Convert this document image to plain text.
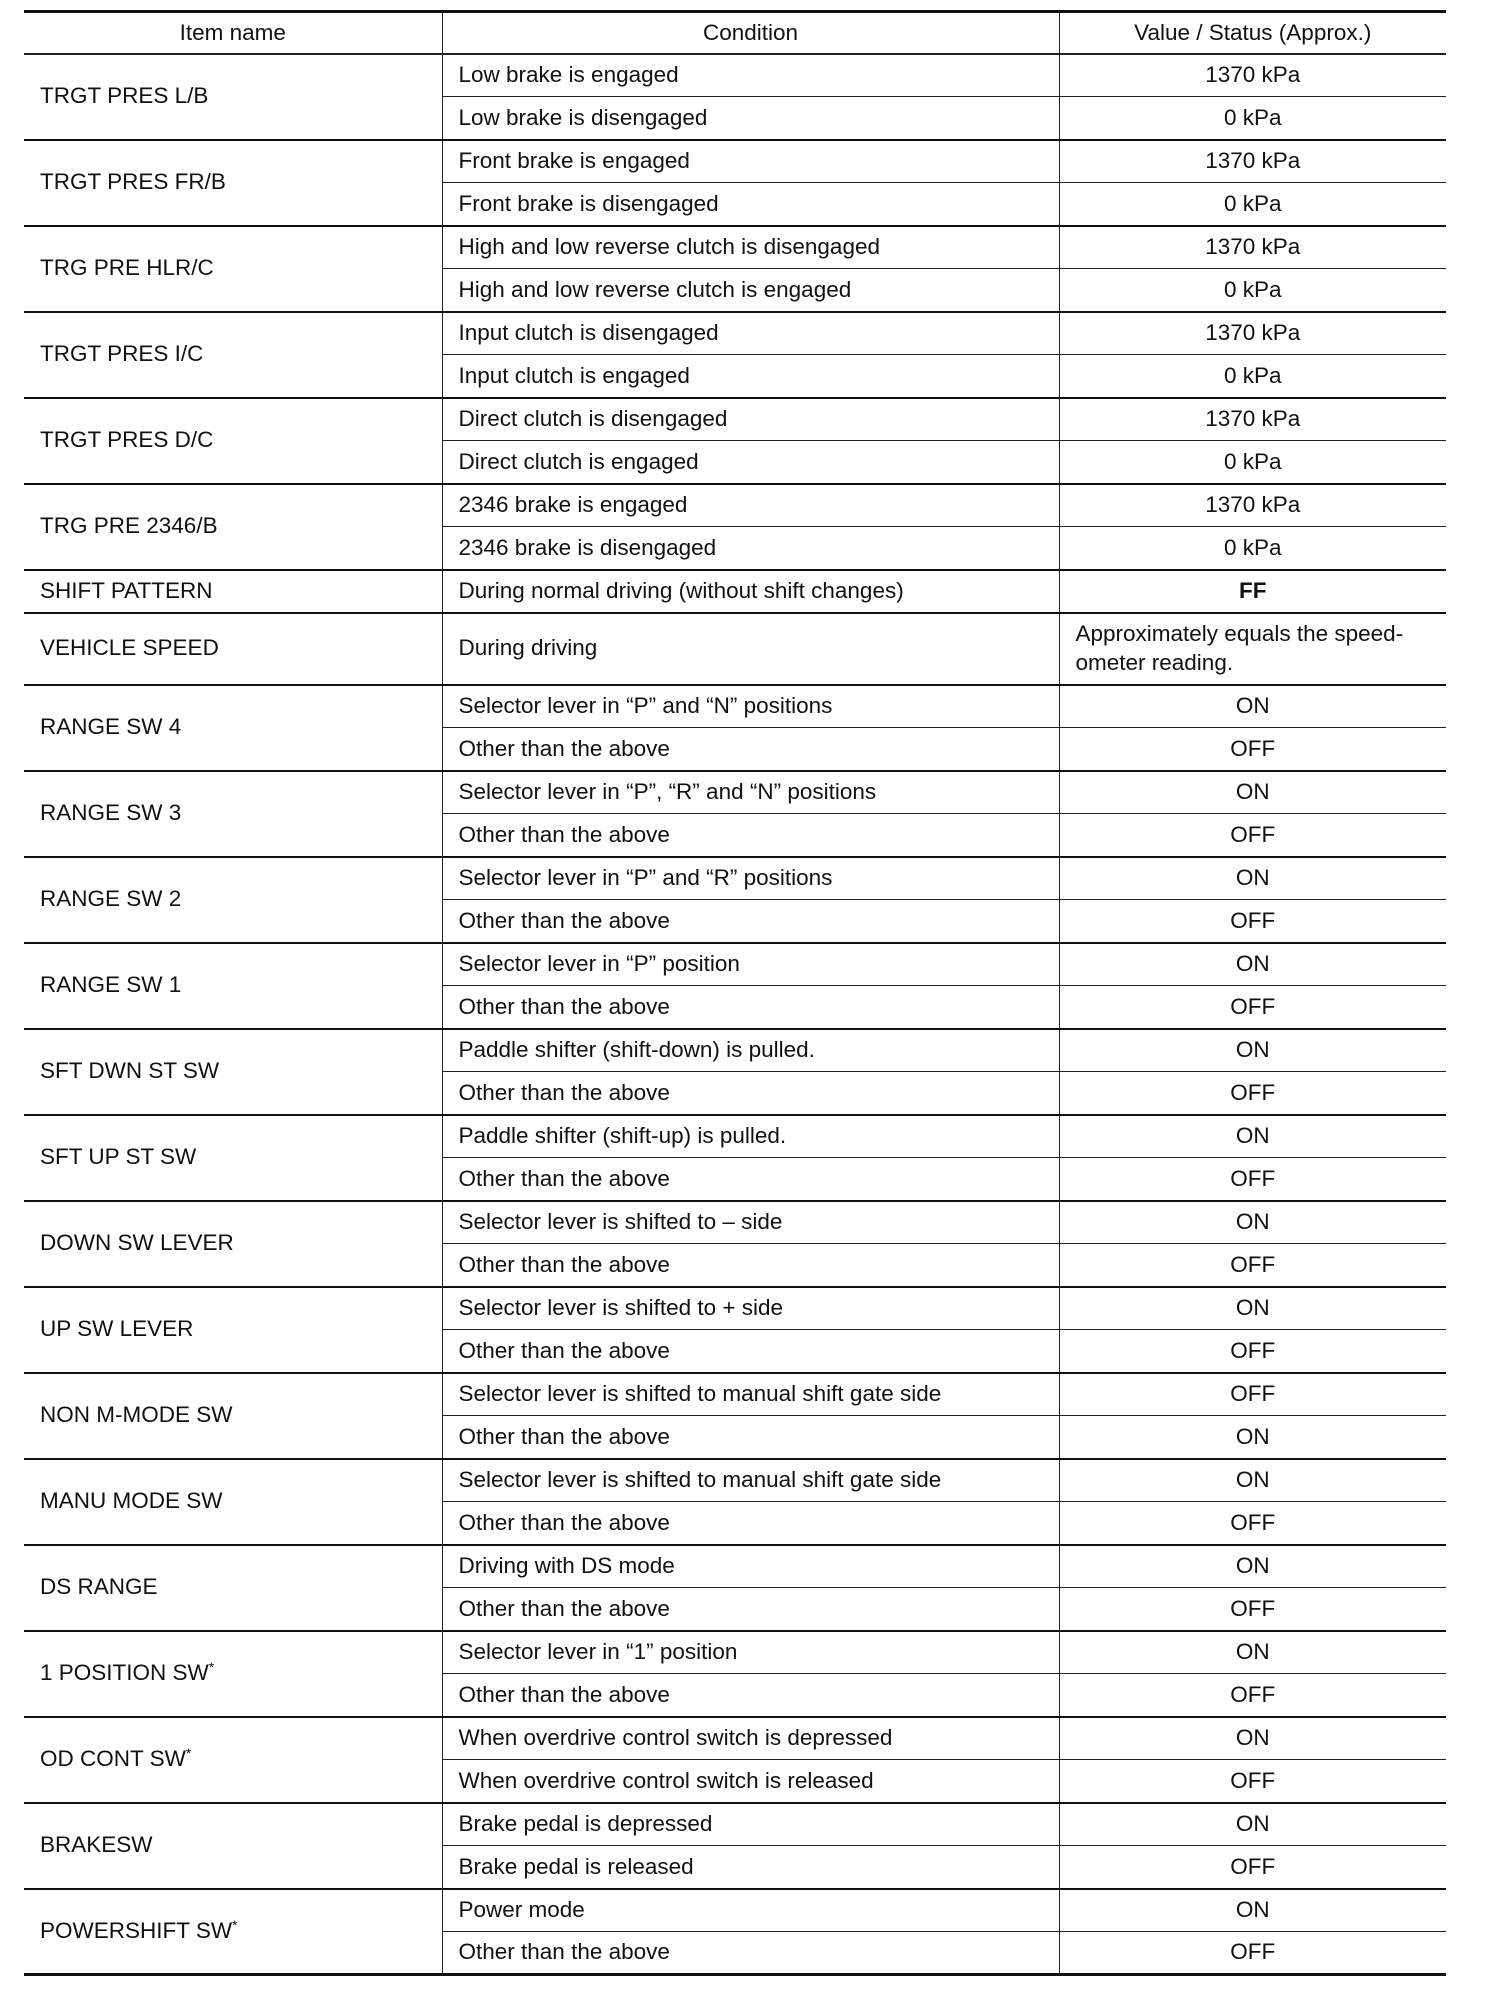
Item name	Condition	Value / Status (Approx.)
TRGT PRES L/B	Low brake is engaged	1370 kPa
	Low brake is disengaged	0 kPa
TRGT PRES FR/B	Front brake is engaged	1370 kPa
	Front brake is disengaged	0 kPa
TRG PRE HLR/C	High and low reverse clutch is disengaged	1370 kPa
	High and low reverse clutch is engaged	0 kPa
TRGT PRES I/C	Input clutch is disengaged	1370 kPa
	Input clutch is engaged	0 kPa
TRGT PRES D/C	Direct clutch is disengaged	1370 kPa
	Direct clutch is engaged	0 kPa
TRG PRE 2346/B	2346 brake is engaged	1370 kPa
	2346 brake is disengaged	0 kPa
SHIFT PATTERN	During normal driving (without shift changes)	FF
VEHICLE SPEED	During driving	Approximately equals the speed-ometer reading.
RANGE SW 4	Selector lever in “P” and “N” positions	ON
	Other than the above	OFF
RANGE SW 3	Selector lever in “P”, “R” and “N” positions	ON
	Other than the above	OFF
RANGE SW 2	Selector lever in “P” and “R” positions	ON
	Other than the above	OFF
RANGE SW 1	Selector lever in “P” position	ON
	Other than the above	OFF
SFT DWN ST SW	Paddle shifter (shift-down) is pulled.	ON
	Other than the above	OFF
SFT UP ST SW	Paddle shifter (shift-up) is pulled.	ON
	Other than the above	OFF
DOWN SW LEVER	Selector lever is shifted to – side	ON
	Other than the above	OFF
UP SW LEVER	Selector lever is shifted to + side	ON
	Other than the above	OFF
NON M-MODE SW	Selector lever is shifted to manual shift gate side	OFF
	Other than the above	ON
MANU MODE SW	Selector lever is shifted to manual shift gate side	ON
	Other than the above	OFF
DS RANGE	Driving with DS mode	ON
	Other than the above	OFF
1 POSITION SW*	Selector lever in “1” position	ON
	Other than the above	OFF
OD CONT SW*	When overdrive control switch is depressed	ON
	When overdrive control switch is released	OFF
BRAKESW	Brake pedal is depressed	ON
	Brake pedal is released	OFF
POWERSHIFT SW*	Power mode	ON
	Other than the above	OFF
